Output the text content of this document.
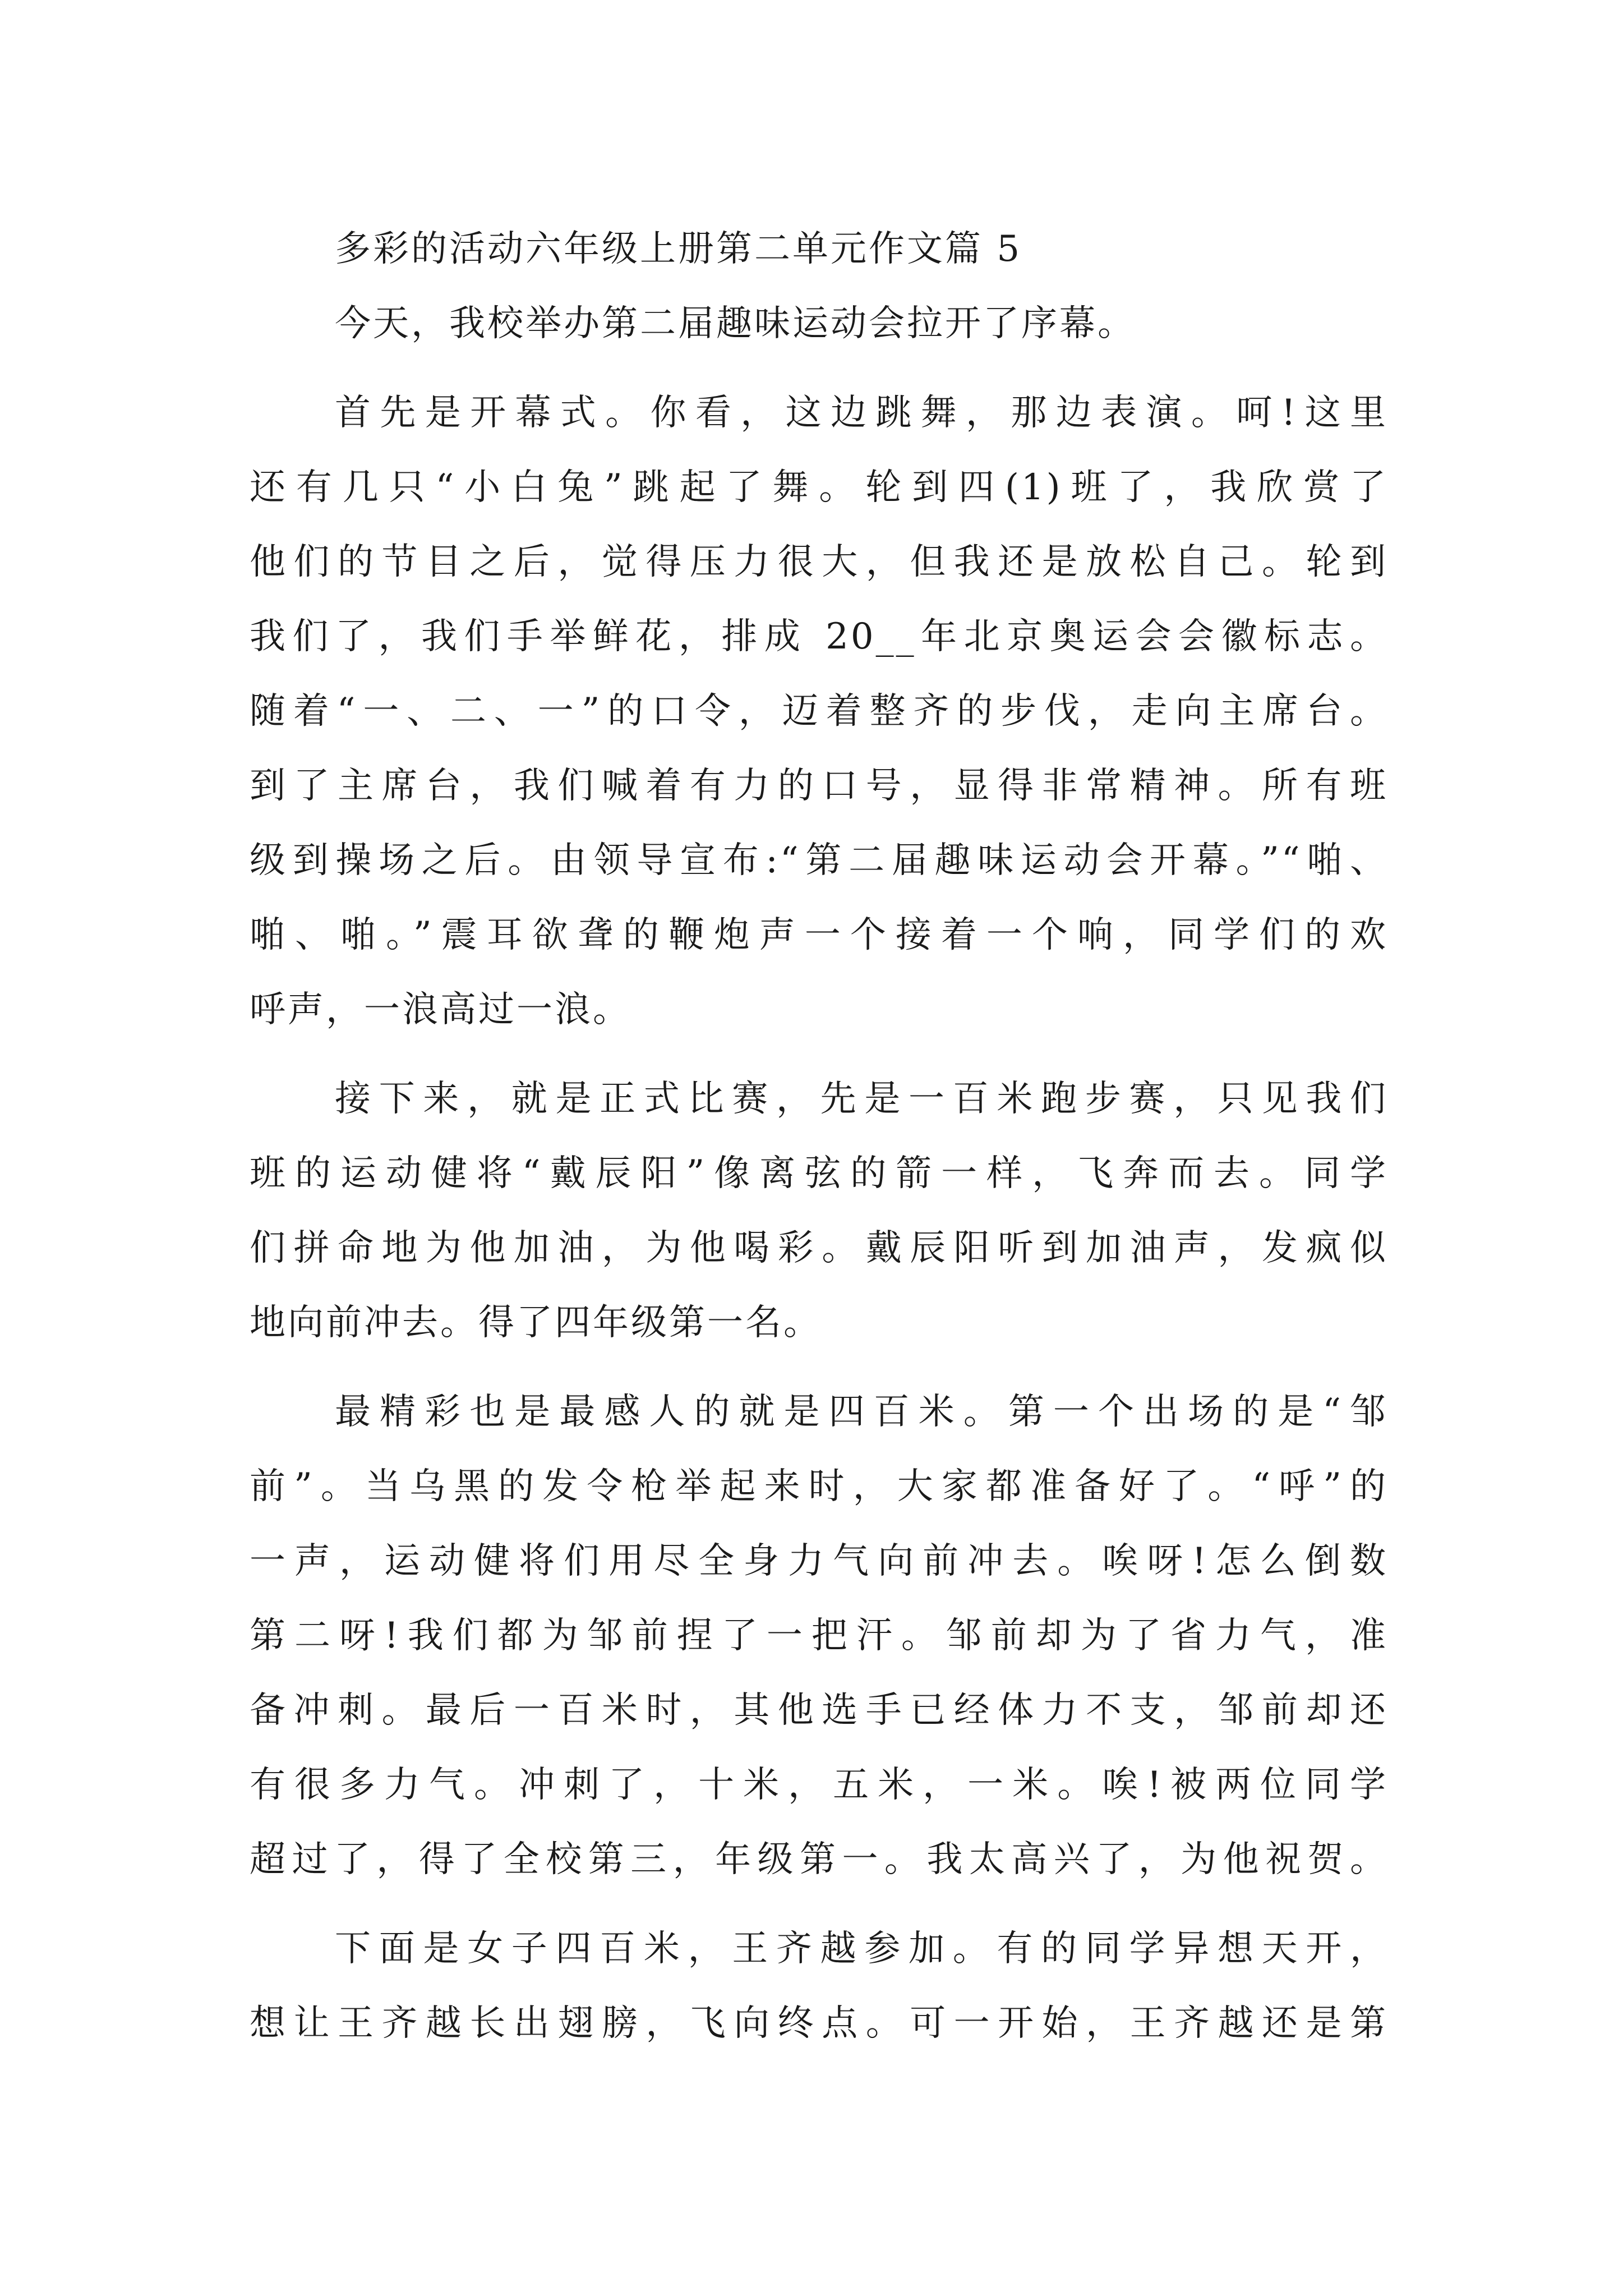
多彩的活动六年级上册第二单元作文篇 5
今天，我校举办第二届趣味运动会拉开了序幕。
首先是开幕式。你看，这边跳舞，那边表演。呵!这里
还有几只“小白兔”跳起了舞。轮到四(1)班了，我欣赏了
他们的节目之后，觉得压力很大，但我还是放松自己。轮到
我们了，我们手举鲜花，排成 20__年北京奥运会会徽标志。
随着“一、二、一”的口令，迈着整齐的步伐，走向主席台。
到了主席台，我们喊着有力的口号，显得非常精神。所有班
级到操场之后。由领导宣布:“第二届趣味运动会开幕。”“啪、
啪、啪。”震耳欲聋的鞭炮声一个接着一个响，同学们的欢
呼声，一浪高过一浪。
接下来，就是正式比赛，先是一百米跑步赛，只见我们
班的运动健将“戴辰阳”像离弦的箭一样，飞奔而去。同学
们拼命地为他加油，为他喝彩。戴辰阳听到加油声，发疯似
地向前冲去。得了四年级第一名。
最精彩也是最感人的就是四百米。第一个出场的是“邹
前”。当乌黑的发令枪举起来时，大家都准备好了。“呼”的
一声，运动健将们用尽全身力气向前冲去。唉呀!怎么倒数
第二呀!我们都为邹前捏了一把汗。邹前却为了省力气，准
备冲刺。最后一百米时，其他选手已经体力不支，邹前却还
有很多力气。冲刺了，十米，五米，一米。唉!被两位同学
超过了，得了全校第三，年级第一。我太高兴了，为他祝贺。
下面是女子四百米，王齐越参加。有的同学异想天开，
想让王齐越长出翅膀，飞向终点。可一开始，王齐越还是第
